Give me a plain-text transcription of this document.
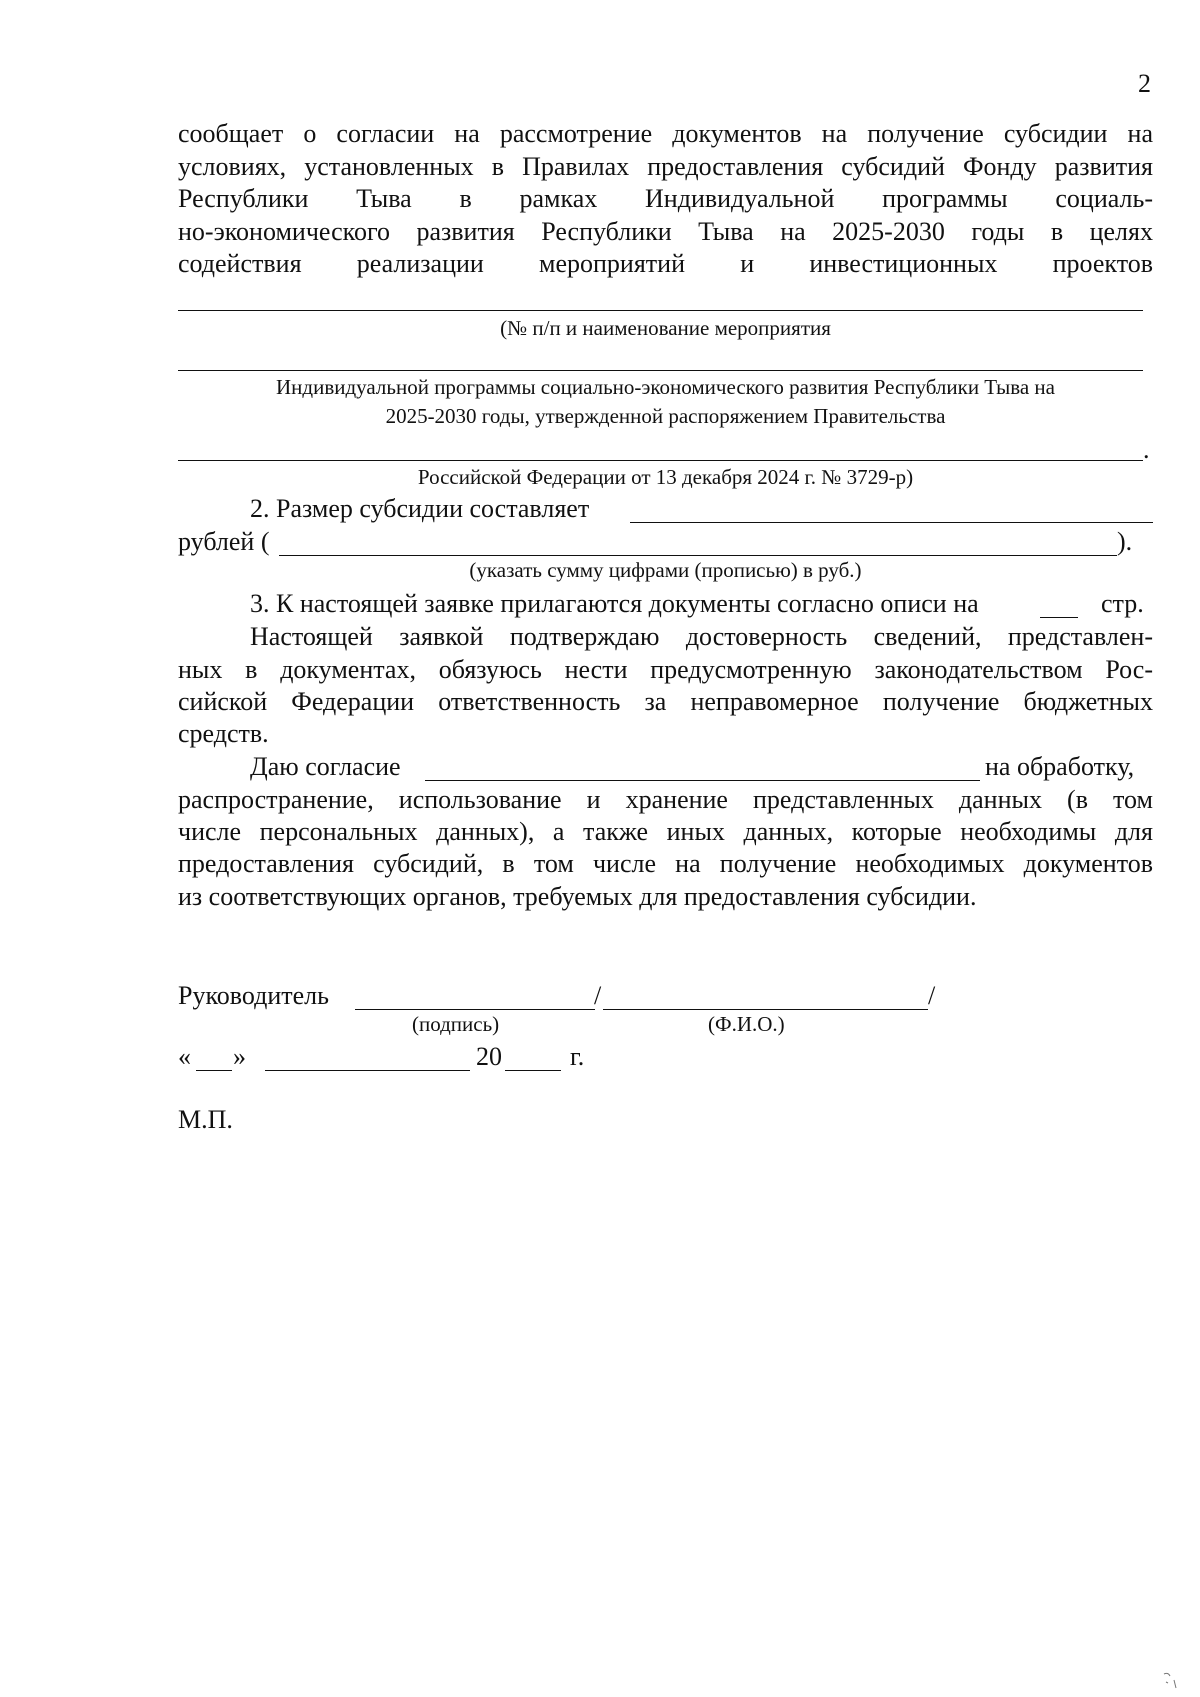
2
сообщает о согласии на рассмотрение документов на получение субсидии на
условиях, установленных в Правилах предоставления субсидий Фонду развития
Республики Тыва в рамках Индивидуальной программы социаль-
но-экономического развития Республики Тыва на 2025-2030 годы в целях
содействия реализации мероприятий и инвестиционных проектов
(№ п/п и наименование мероприятия
Индивидуальной программы социально-экономического развития Республики Тыва на
2025-2030 годы, утвержденной распоряжением Правительства
.
Российской Федерации от 13 декабря 2024 г. № 3729-р)
2. Размер субсидии составляет
рублей (	).
(указать сумму цифрами (прописью) в руб.)
3. К настоящей заявке прилагаются документы согласно описи на	стр.
Настоящей заявкой подтверждаю достоверность сведений, представлен-
ных в документах, обязуюсь нести предусмотренную законодательством Рос-
сийской Федерации ответственность за неправомерное получение бюджетных
средств.
Даю согласие	на обработку,
распространение, использование и хранение представленных данных (в том
числе персональных данных), а также иных данных, которые необходимы для
предоставления субсидий, в том числе на получение необходимых документов
из соответствующих органов, требуемых для предоставления субсидии.
Руководитель	/	/
(подпись)	(Ф.И.О.)
« »	20	г.
М.П.
